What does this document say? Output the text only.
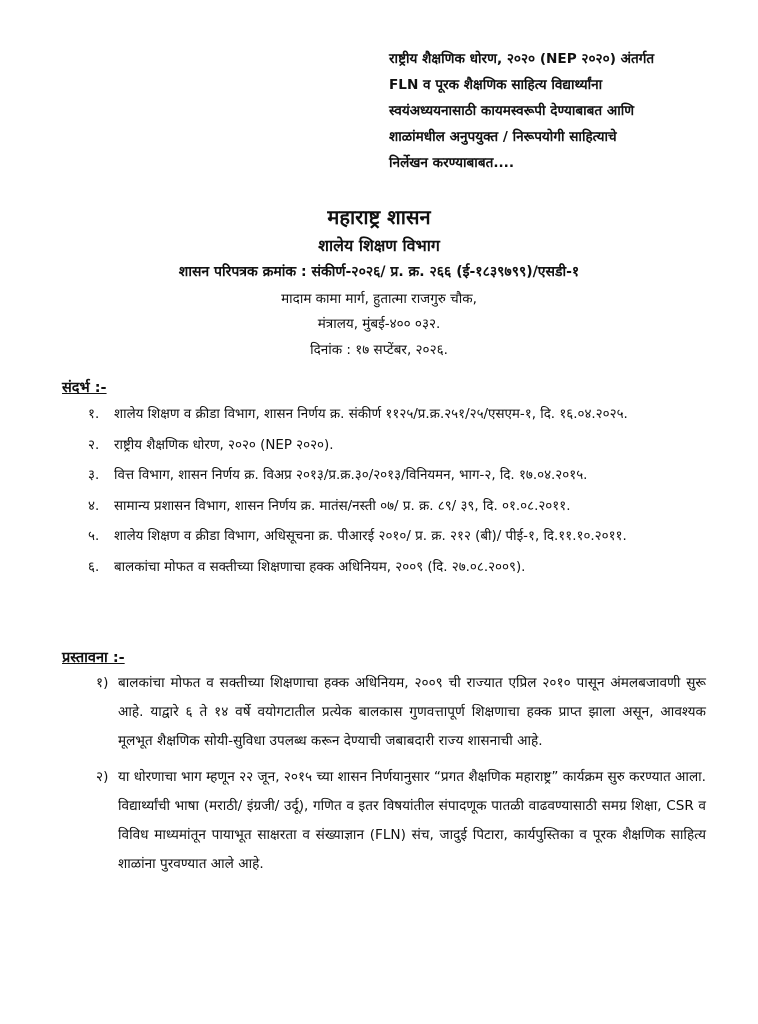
राष्ट्रीय शैक्षणिक धोरण, २०२० (NEP २०२०) अंतर्गत

FLN व पूरक शैक्षणिक साहित्य विद्यार्थ्यांना

स्वयंअध्ययनासाठी कायमस्वरूपी देण्याबाबत आणि

शाळांमधील अनुपयुक्त / निरूपयोगी साहित्याचे

निर्लेखन करण्याबाबत....

महाराष्ट्र शासन
शालेय शिक्षण विभाग
शासन परिपत्रक क्रमांक : संकीर्ण-२०२६/ प्र. क्र. २६६ (ई-१८३९७९९)/एसडी-१
मादाम कामा मार्ग, हुतात्मा राजगुरु चौक,
मंत्रालय, मुंबई-४०० ०३२.
दिनांक : १७ सप्टेंबर, २०२६.
संदर्भ :-
१. शालेय शिक्षण व क्रीडा विभाग, शासन निर्णय क्र. संकीर्ण ११२५/प्र.क्र.२५१/२५/एसएम-१, दि. १६.०४.२०२५.
२. राष्ट्रीय शैक्षणिक धोरण, २०२० (NEP २०२०).
३. वित्त विभाग, शासन निर्णय क्र. विअप्र २०१३/प्र.क्र.३०/२०१३/विनियमन, भाग-२, दि. १७.०४.२०१५.
४. सामान्य प्रशासन विभाग, शासन निर्णय क्र. मातंस/नस्ती ०७/ प्र. क्र. ८९/ ३९, दि. ०१.०८.२०११.
५. शालेय शिक्षण व क्रीडा विभाग, अधिसूचना क्र. पीआरई २०१०/ प्र. क्र. २१२ (बी)/ पीई-१, दि.११.१०.२०११.
६. बालकांचा मोफत व सक्तीच्या शिक्षणाचा हक्क अधिनियम, २००९ (दि. २७.०८.२००९).
प्रस्तावना :-
१) बालकांचा मोफत व सक्तीच्या शिक्षणाचा हक्क अधिनियम, २००९ ची राज्यात एप्रिल २०१० पासून अंमलबजावणी सुरू आहे. याद्वारे ६ ते १४ वर्षे वयोगटातील प्रत्येक बालकास गुणवत्तापूर्ण शिक्षणाचा हक्क प्राप्त झाला असून, आवश्यक मूलभूत शैक्षणिक सोयी-सुविधा उपलब्ध करून देण्याची जबाबदारी राज्य शासनाची आहे.
२) या धोरणाचा भाग म्हणून २२ जून, २०१५ च्या शासन निर्णयानुसार “प्रगत शैक्षणिक महाराष्ट्र” कार्यक्रम सुरु करण्यात आला. विद्यार्थ्यांची भाषा (मराठी/ इंग्रजी/ उर्दू), गणित व इतर विषयांतील संपादणूक पातळी वाढवण्यासाठी समग्र शिक्षा, CSR व विविध माध्यमांतून पायाभूत साक्षरता व संख्याज्ञान (FLN) संच, जादुई पिटारा, कार्यपुस्तिका व पूरक शैक्षणिक साहित्य शाळांना पुरवण्यात आले आहे.
